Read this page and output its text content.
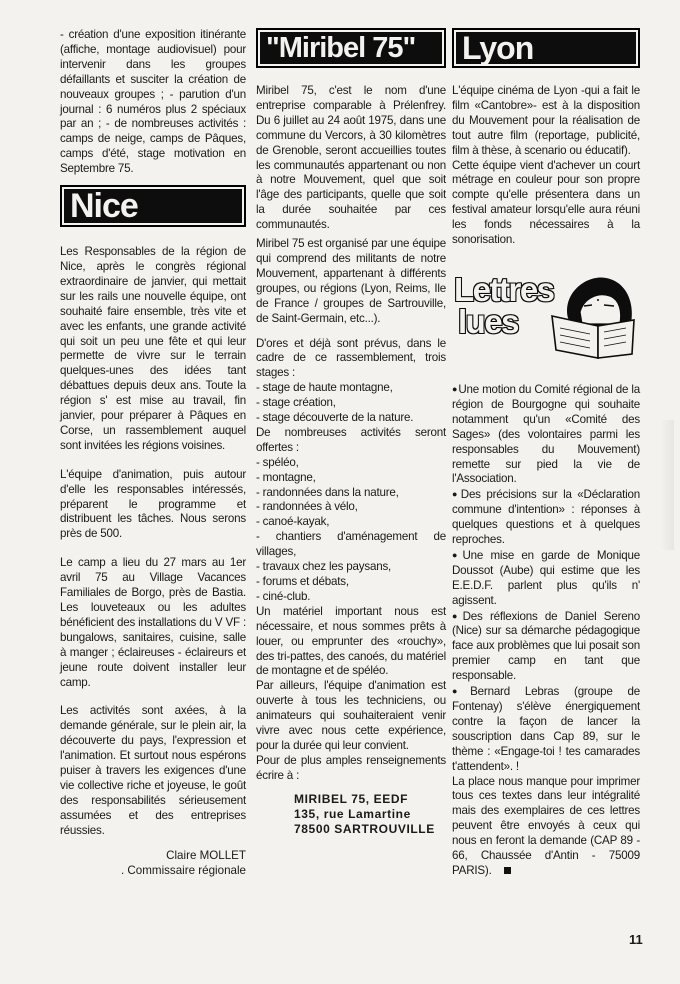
- création d'une exposition itinérante (affiche, montage audiovisuel) pour intervenir dans les groupes défaillants et susciter la création de nouveaux groupes ; - parution d'un journal : 6 numéros plus 2 spéciaux par an ; - de nombreuses activités : camps de neige, camps de Pâques, camps d'été, stage motivation en Septembre 75.

Nice

Les Responsables de la région de Nice, après le congrès régional extraordinaire de janvier, qui mettait sur les rails une nouvelle équipe, ont souhaité faire ensemble, très vite et avec les enfants, une grande activité qui soit un peu une fête et qui leur permette de vivre sur le terrain quelques-unes des idées tant débattues depuis deux ans. Toute la région s' est mise au travail, fin janvier, pour préparer à Pâques en Corse, un rassemblement auquel sont invitées les régions voisines.

L'équipe d'animation, puis autour d'elle les responsables intéressés, préparent le programme et distribuent les tâches. Nous serons près de 500.

Le camp a lieu du 27 mars au 1er avril 75 au Village Vacances Familiales de Borgo, près de Bastia. Les louveteaux ou les adultes bénéficient des installations du V VF : bungalows, sanitaires, cuisine, salle à manger ; éclaireuses - éclaireurs et jeune route doivent installer leur camp.

Les activités sont axées, à la demande générale, sur le plein air, la découverte du pays, l'expression et l'animation. Et surtout nous espérons puiser à travers les exigences d'une vie collective riche et joyeuse, le goût des responsabilités sérieusement assumées et des entreprises réussies.

Claire MOLLET
. Commissaire régionale
"Miribel 75"

Miribel 75, c'est le nom d'une entreprise comparable à Prélenfrey. Du 6 juillet au 24 août 1975, dans une commune du Vercors, à 30 kilomètres de Grenoble, seront accueillies toutes les communautés appartenant ou non à notre Mouvement, quel que soit l'âge des participants, quelle que soit la durée souhaitée par ces communautés.

Miribel 75 est organisé par une équipe qui comprend des militants de notre Mouvement, appartenant à différents groupes, ou régions (Lyon, Reims, Ile de France / groupes de Sartrouville, de Saint-Germain, etc...).

D'ores et déjà sont prévus, dans le cadre de ce rassemblement, trois stages :

- stage de haute montagne,

- stage création,

- stage découverte de la nature.

De nombreuses activités seront offertes :

- spéléo,

- montagne,

- randonnées dans la nature,

- randonnées à vélo,

- canoé-kayak,

- chantiers d'aménagement de villages,

- travaux chez les paysans,

- forums et débats,

- ciné-club.

Un matériel important nous est nécessaire, et nous sommes prêts à louer, ou emprunter des «rouchy», des tri-pattes, des canoés, du matériel de montagne et de spéléo.

Par ailleurs, l'équipe d'animation est ouverte à tous les techniciens, ou animateurs qui souhaiteraient venir vivre avec nous cette expérience, pour la durée qui leur convient.

Pour de plus amples renseignements écrire à :

MIRIBEL 75, EEDF
135, rue Lamartine
78500 SARTROUVILLE
Lyon

L'équipe cinéma de Lyon -qui a fait le film «Cantobre»- est à la disposition du Mouvement pour la réalisation de tout autre film (reportage, publicité, film à thèse, à scenario ou éducatif).

Cette équipe vient d'achever un court métrage en couleur pour son propre compte qu'elle présentera dans un festival amateur lorsqu'elle aura réuni les fonds nécessaires à la sonorisation.

Lettres
lues

● Une motion du Comité régional de la région de Bourgogne qui souhaite notamment qu'un «Comité des Sages» (des volontaires parmi les responsables du Mouvement) remette sur pied la vie de l'Association.

● Des précisions sur la «Déclaration commune d'intention» : réponses à quelques questions et à quelques reproches.

● Une mise en garde de Monique Doussot (Aube) qui estime que les E.E.D.F. parlent plus qu'ils n' agissent.

● Des réflexions de Daniel Sereno (Nice) sur sa démarche pédagogique face aux problèmes que lui posait son premier camp en tant que responsable.

● Bernard Lebras (groupe de Fontenay) s'élève énergiquement contre la façon de lancer la souscription dans Cap 89, sur le thème : «Engage-toi ! tes camarades t'attendent». !

La place nous manque pour imprimer tous ces textes dans leur intégralité mais des exemplaires de ces lettres peuvent être envoyés à ceux qui nous en feront la demande (CAP 89 - 66, Chaussée d'Antin - 75009 PARIS).

11
